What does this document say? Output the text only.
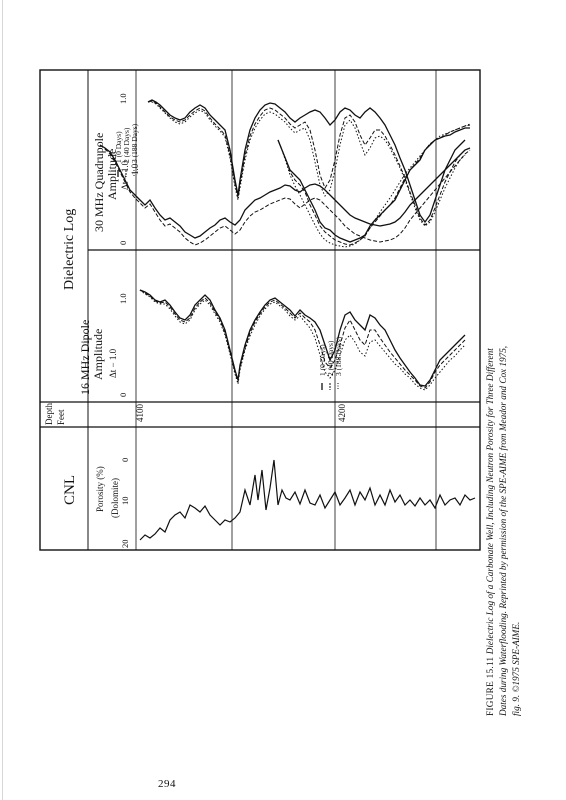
CNL Porosity (%) (Dolomite)
20
10
0
Depth Feet	4100	4200
Dielectric Log
16 MHz Dipole Amplitude Δt − 1.0
0
1.0
30 MHz Quadrupole Amplitude Δt − 1.0 1.0
0
1.0
1 (0 Days) 2 (40 Days) 3 (188 Days)
1 (0 Days) 2 (40 Days) 3 (188 Days)
FIGURE 15.11 Dielectric Log of a Carbonate Well, Including Neutron Porosity for Three Different Dates during Waterflooding. Reprinted by permission of the SPE-AIME from Meador and Cox 1975, fig. 9. ©1975 SPE-AIME.
294
